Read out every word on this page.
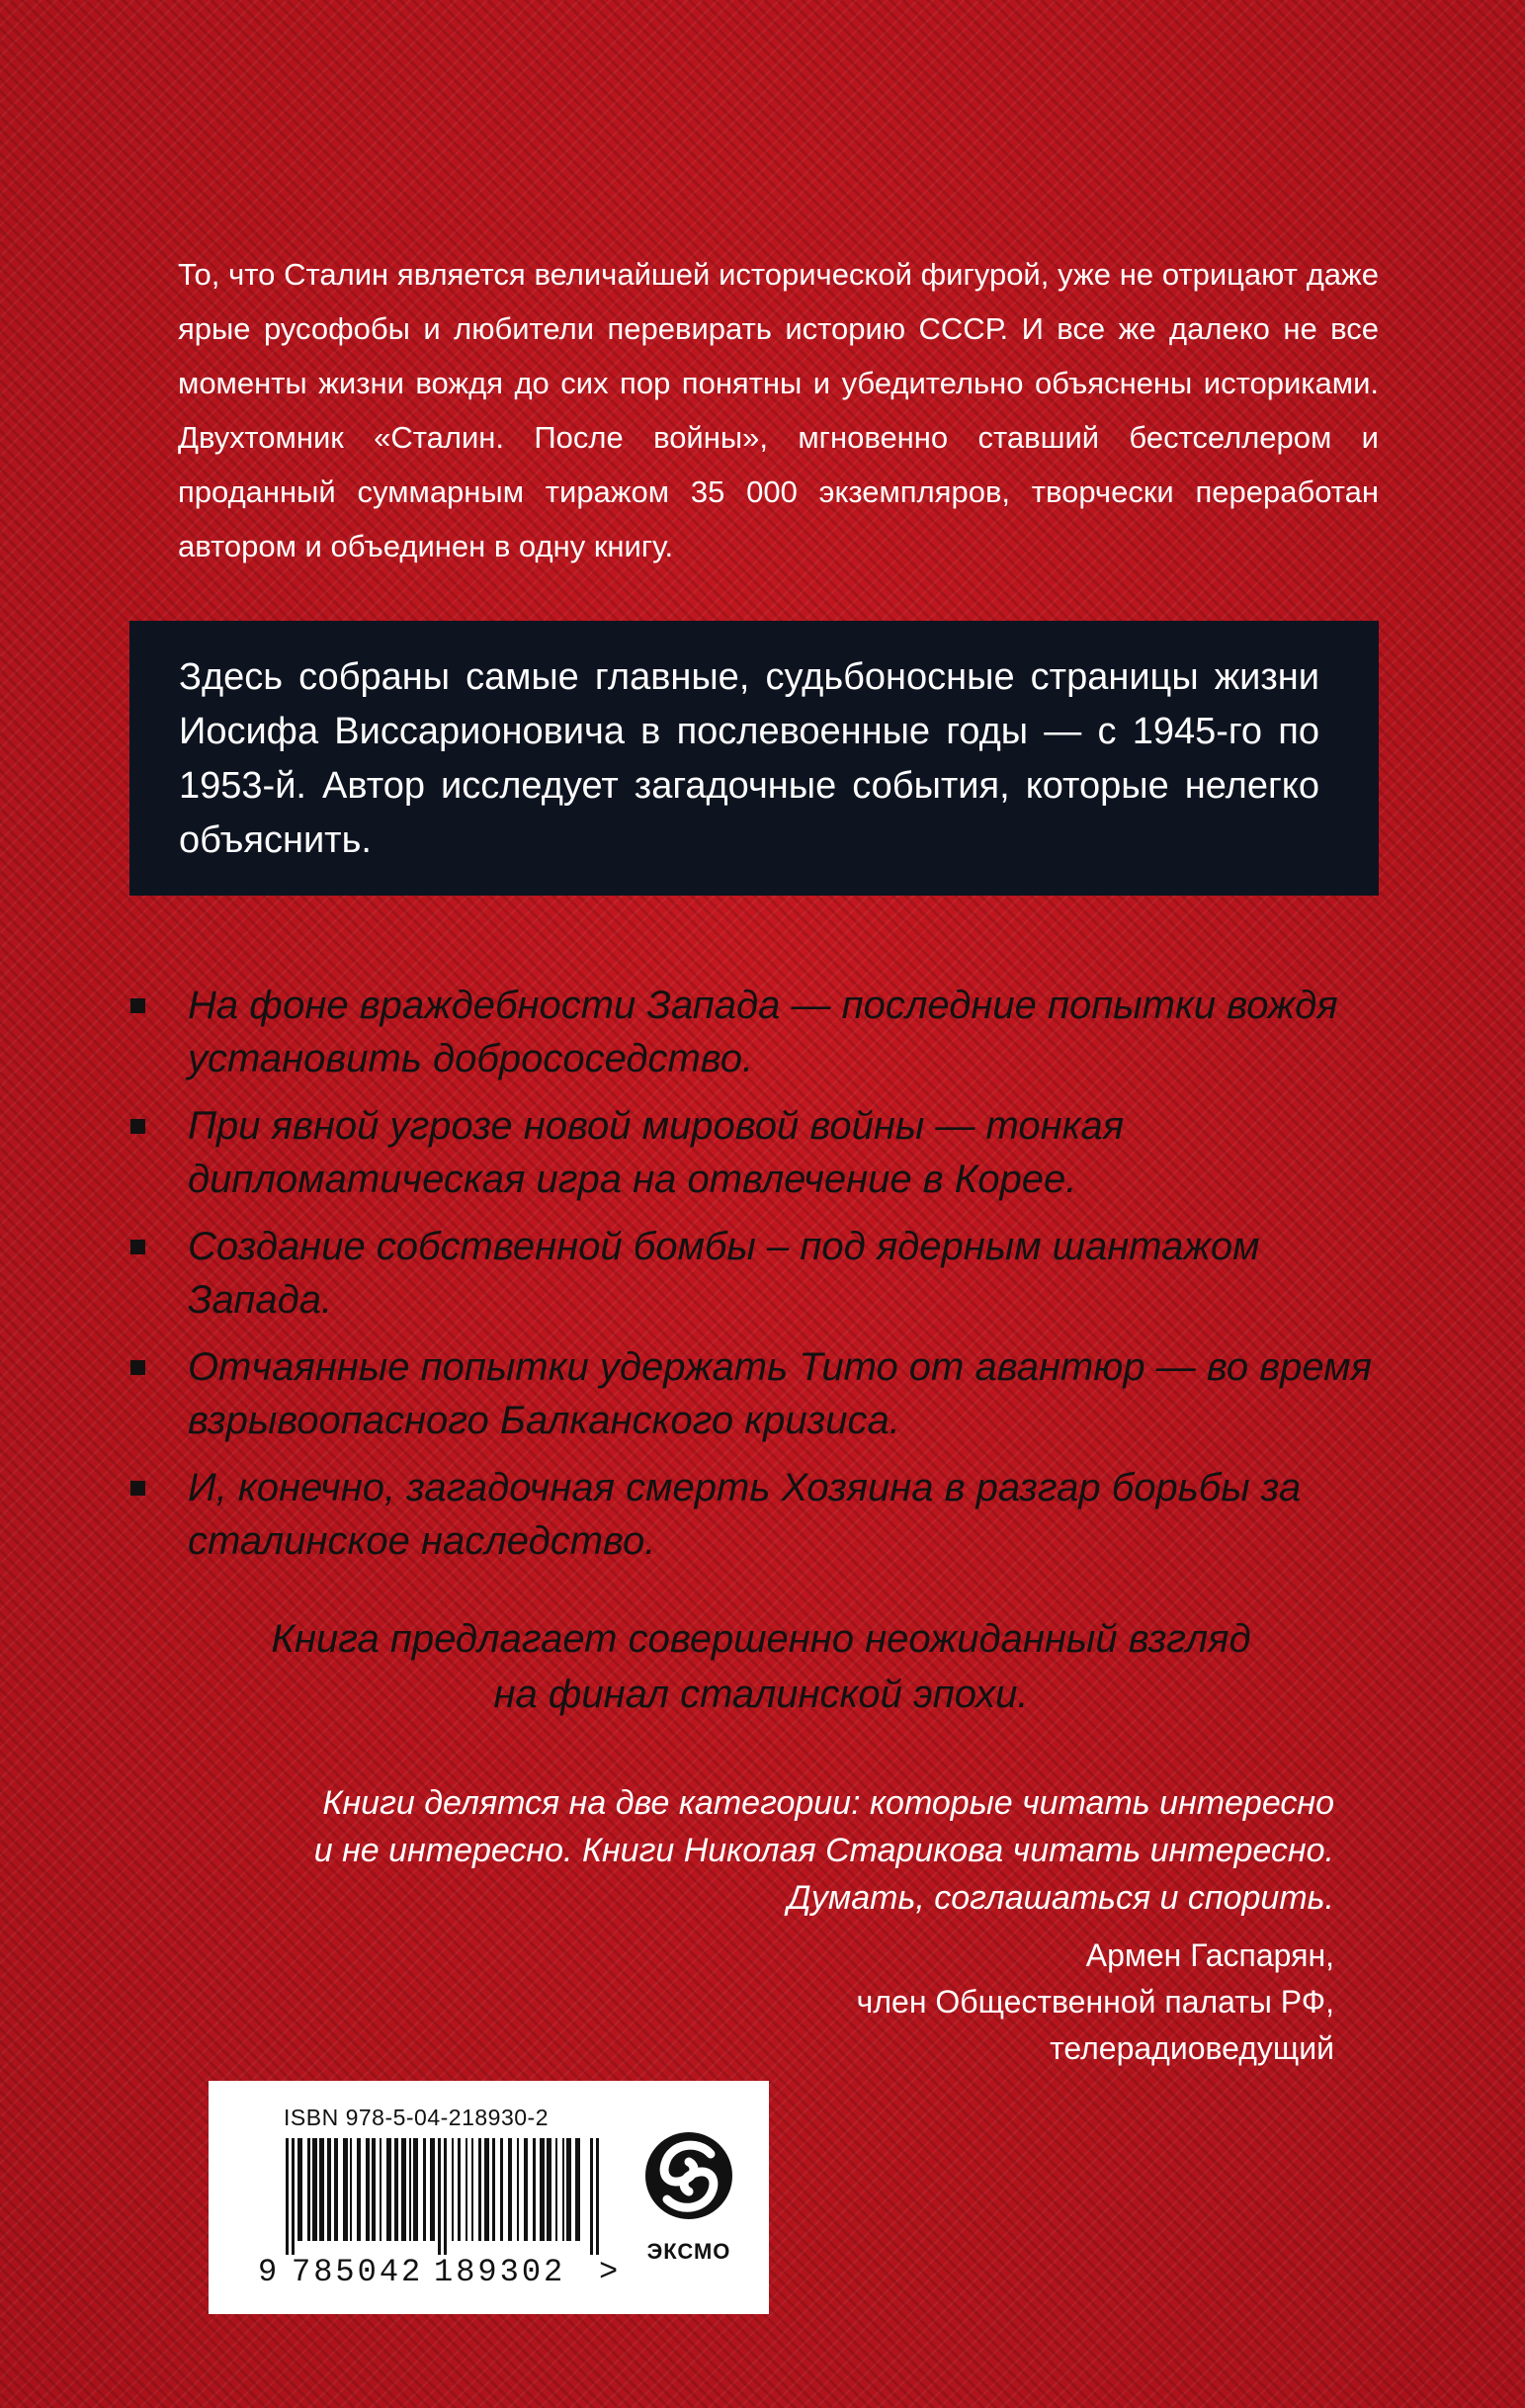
То, что Сталин является величайшей исторической фигурой, уже не отрицают даже ярые русофобы и любители перевирать историю СССР. И все же далеко не все моменты жизни вождя до сих пор понятны и убедительно объяснены историками. Двухтомник «Сталин. После войны», мгновенно ставший бестселлером и проданный суммарным тиражом 35 000 экземпляров, творчески переработан автором и объединен в одну книгу.

Здесь собраны самые главные, судьбоносные страницы жизни Иосифа Виссарионовича в послевоенные годы — с 1945-го по 1953-й. Автор исследует загадочные события, которые нелегко объяснить.

На фоне враждебности Запада — последние попытки вождя установить добрососедство.
При явной угрозе новой мировой войны — тонкая дипломатическая игра на отвлечение в Корее.
Создание собственной бомбы – под ядерным шантажом Запада.
Отчаянные попытки удержать Тито от авантюр — во время взрывоопасного Балканского кризиса.
И, конечно, загадочная смерть Хозяина в разгар борьбы за сталинское наследство.

Книга предлагает совершенно неожиданный взгляд
на финал сталинской эпохи.

Книги делятся на две категории: которые читать интересно
и не интересно. Книги Николая Старикова читать интересно.
Думать, соглашаться и спорить.

Армен Гаспарян,
член Общественной палаты РФ,
телерадиоведущий

ISBN 978-5-04-218930-2

9 785042 189302 >

ЭКСМО
